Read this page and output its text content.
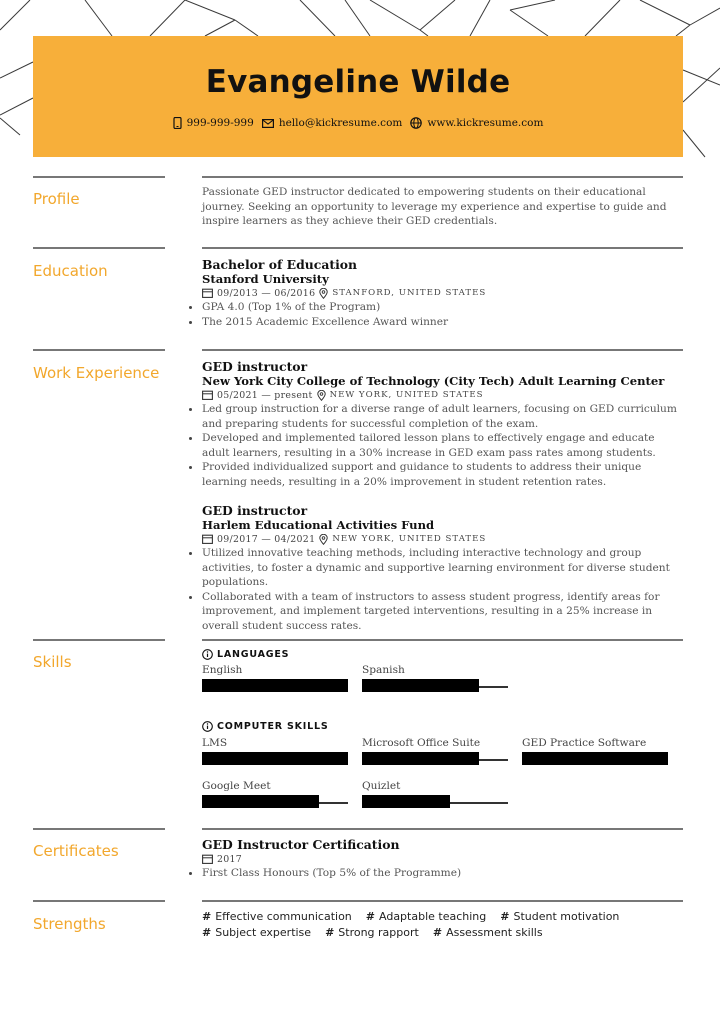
Evangeline Wilde
999-999-999 hello@kickresume.com www.kickresume.com
Profile	Passionate GED instructor dedicated to empowering students on their educational journey. Seeking an opportunity to leverage my experience and expertise to guide and inspire learners as they achieve their GED credentials.

Education	Bachelor of Education
Stanford University
09/2013 — 06/2016 STANFORD, UNITED STATES
GPA 4.0 (Top 1% of the Program)
The 2015 Academic Excellence Award winner
Work Experience	GED instructor
New York City College of Technology (City Tech) Adult Learning Center
05/2021 — present NEW YORK, UNITED STATES
Led group instruction for a diverse range of adult learners, focusing on GED curriculum and preparing students for successful completion of the exam.
Developed and implemented tailored lesson plans to effectively engage and educate adult learners, resulting in a 30% increase in GED exam pass rates among students.
Provided individualized support and guidance to students to address their unique learning needs, resulting in a 20% improvement in student retention rates.
GED instructor
Harlem Educational Activities Fund
09/2017 — 04/2021 NEW YORK, UNITED STATES
Utilized innovative teaching methods, including interactive technology and group activities, to foster a dynamic and supportive learning environment for diverse student populations.
Collaborated with a team of instructors to assess student progress, identify areas for improvement, and implement targeted interventions, resulting in a 25% increase in overall student success rates.
Skills	LANGUAGES
English	Spanish
COMPUTER SKILLS
LMS	Microsoft Office Suite	GED Practice Software
Google Meet	Quizlet
Certificates	GED Instructor Certification
2017
First Class Honours (Top 5% of the Programme)
Strengths	# Effective communication # Adaptable teaching # Student motivation
# Subject expertise # Strong rapport # Assessment skills
